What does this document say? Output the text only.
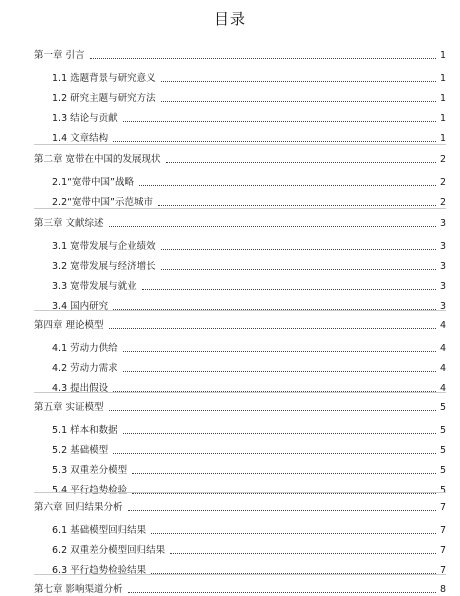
目录
第一章 引言	1
1.1 选题背景与研究意义	1
1.2 研究主题与研究方法	1
1.3 结论与贡献	1
1.4 文章结构	1
第二章 宽带在中国的发展现状	2
2.1“宽带中国”战略	2
2.2“宽带中国”示范城市	2
第三章 文献综述	3
3.1 宽带发展与企业绩效	3
3.2 宽带发展与经济增长	3
3.3 宽带发展与就业	3
3.4 国内研究	3
第四章 理论模型	4
4.1 劳动力供给	4
4.2 劳动力需求	4
4.3 提出假设	4
第五章 实证模型	5
5.1 样本和数据	5
5.2 基础模型	5
5.3 双重差分模型	5
5.4 平行趋势检验	5
第六章 回归结果分析	7
6.1 基础模型回归结果	7
6.2 双重差分模型回归结果	7
6.3 平行趋势检验结果	7
第七章 影响渠道分析	8
